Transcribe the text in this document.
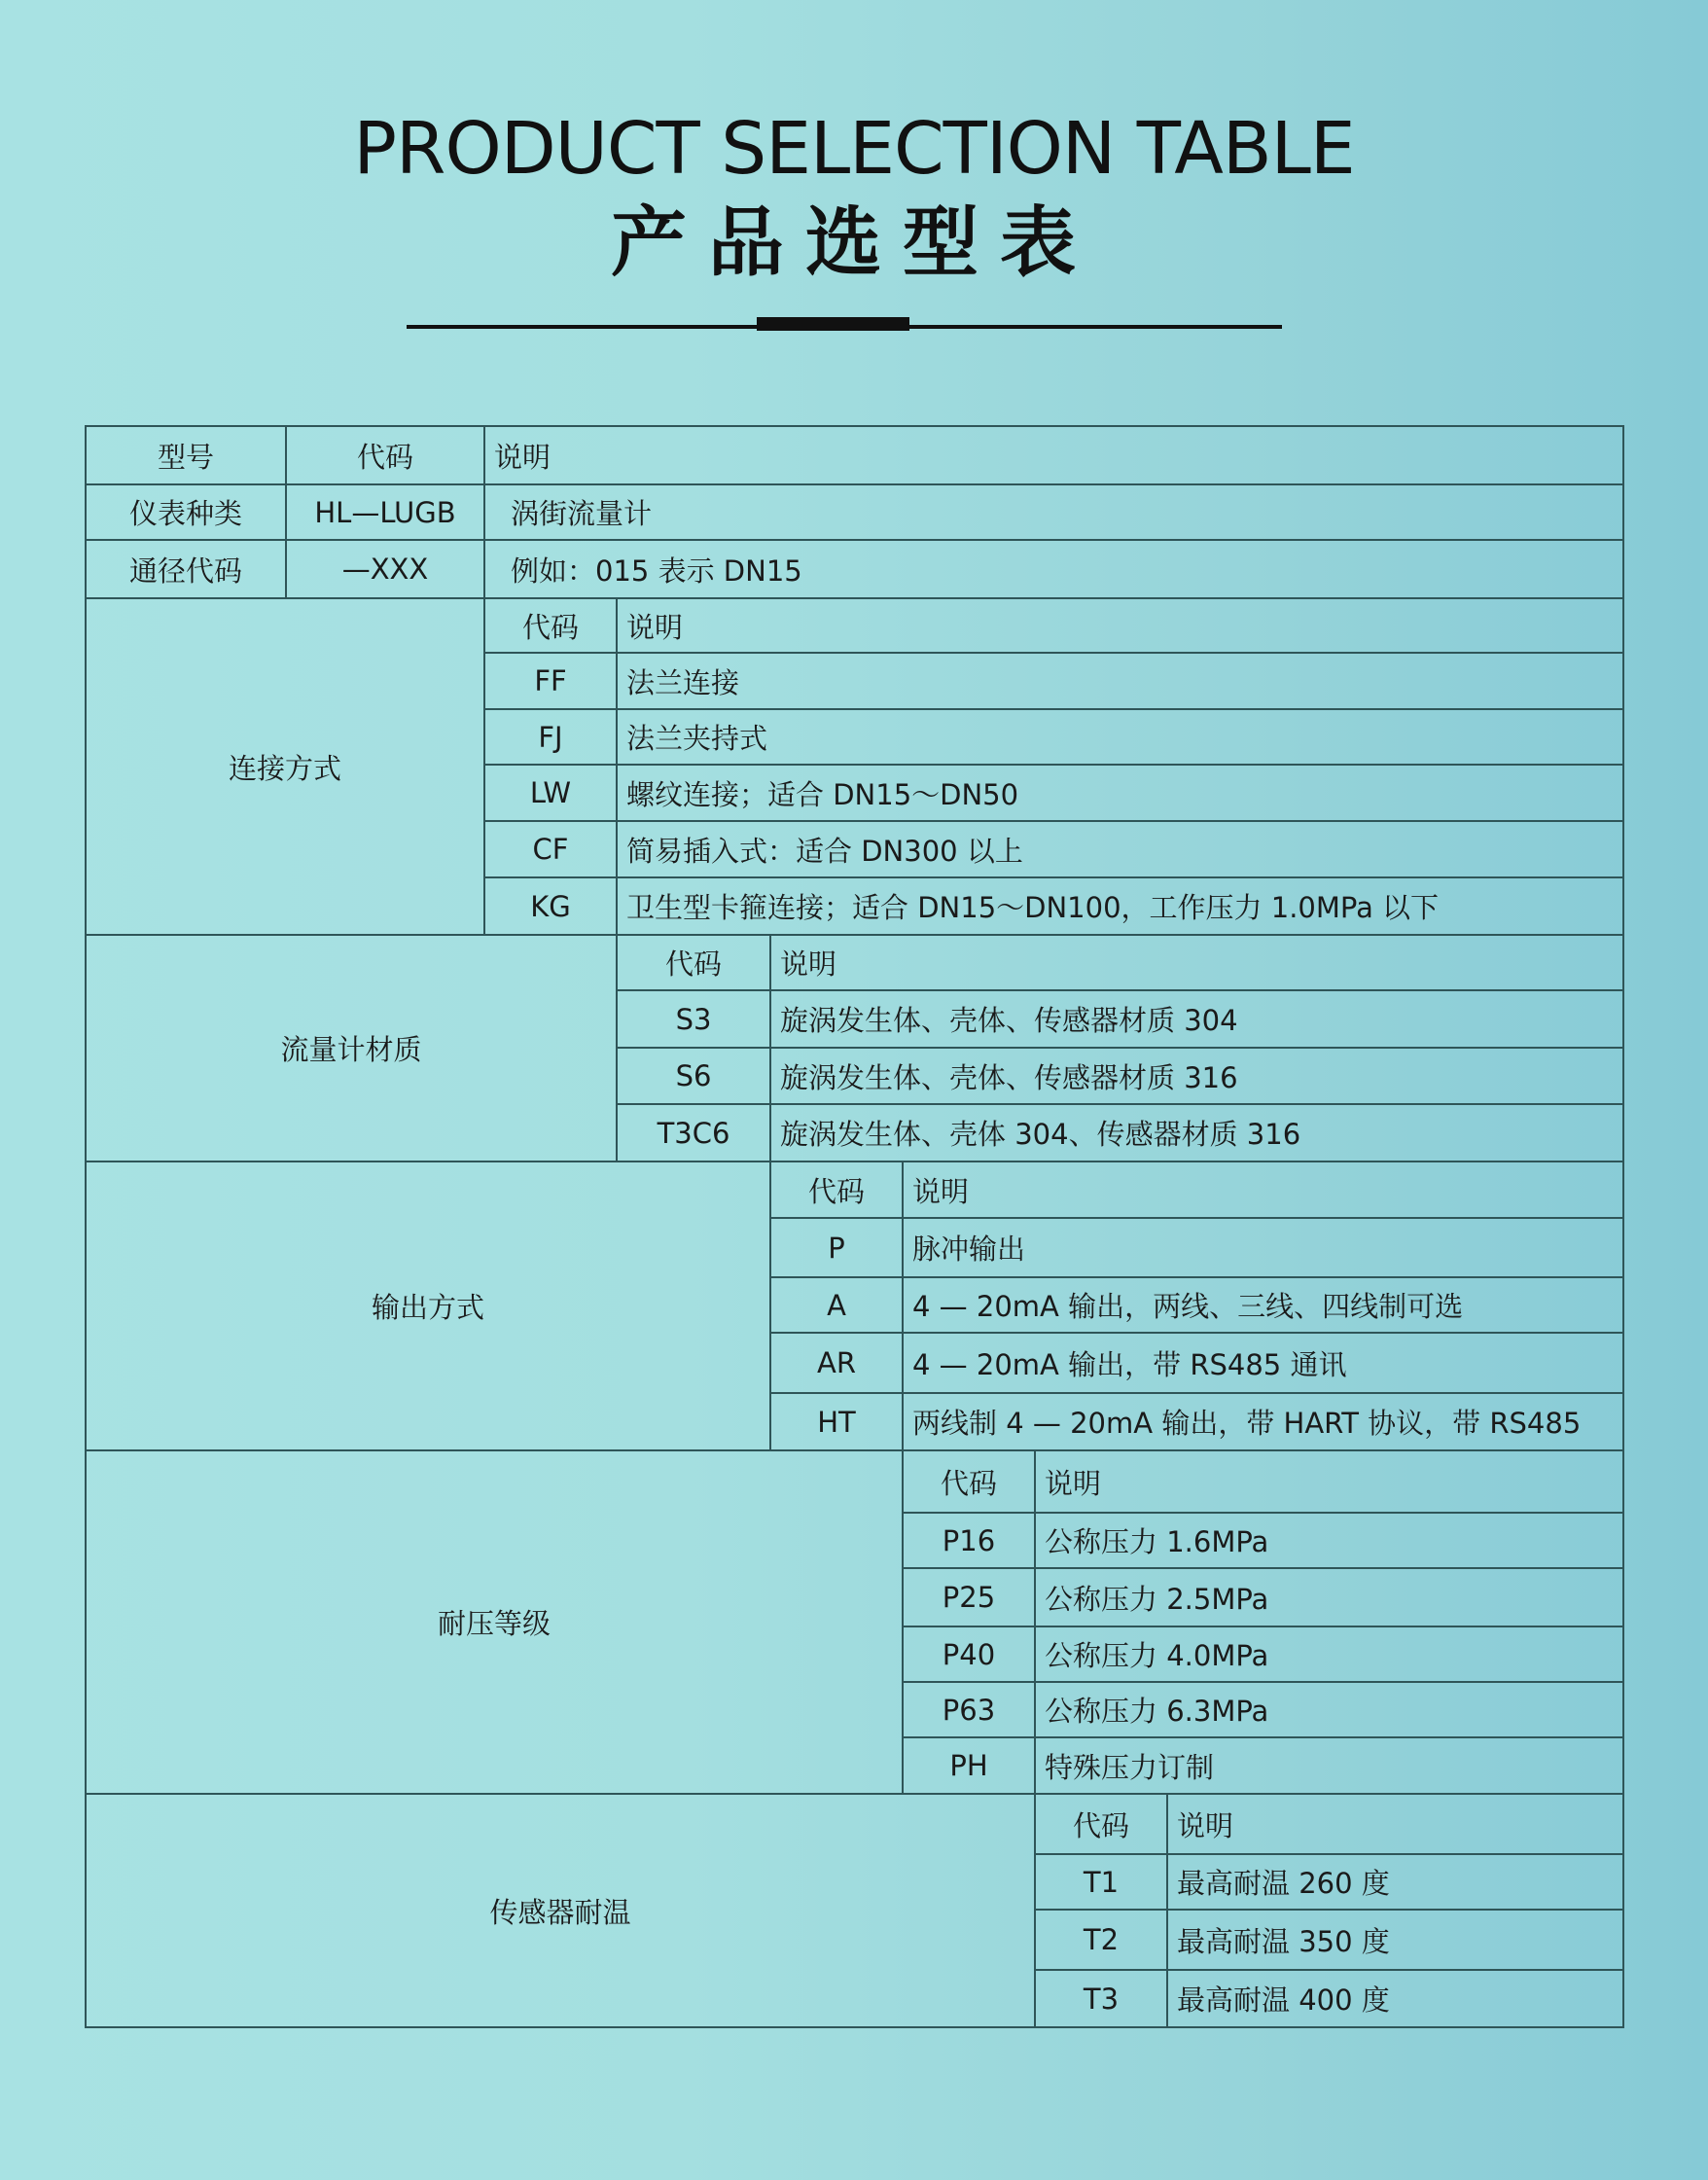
PRODUCT SELECTION TABLE
产品选型表
型号	代码	说明
仪表种类	HL—LUGB	涡街流量计
通径代码	—XXX	例如：015 表示 DN15
连接方式
代码	说明
FF	法兰连接
FJ	法兰夹持式
LW	螺纹连接；适合 DN15～DN50
CF	简易插入式：适合 DN300 以上
KG	卫生型卡箍连接；适合 DN15～DN100，工作压力 1.0MPa 以下
流量计材质
代码	说明
S3	旋涡发生体、壳体、传感器材质 304
S6	旋涡发生体、壳体、传感器材质 316
T3C6	旋涡发生体、壳体 304、传感器材质 316
输出方式
代码	说明
P	脉冲输出
A	4 — 20mA 输出，两线、三线、四线制可选
AR	4 — 20mA 输出，带 RS485 通讯
HT	两线制 4 — 20mA 输出，带 HART 协议，带 RS485
耐压等级
代码	说明
P16	公称压力 1.6MPa
P25	公称压力 2.5MPa
P40	公称压力 4.0MPa
P63	公称压力 6.3MPa
PH	特殊压力订制
传感器耐温
代码	说明
T1	最高耐温 260 度
T2	最高耐温 350 度
T3	最高耐温 400 度
